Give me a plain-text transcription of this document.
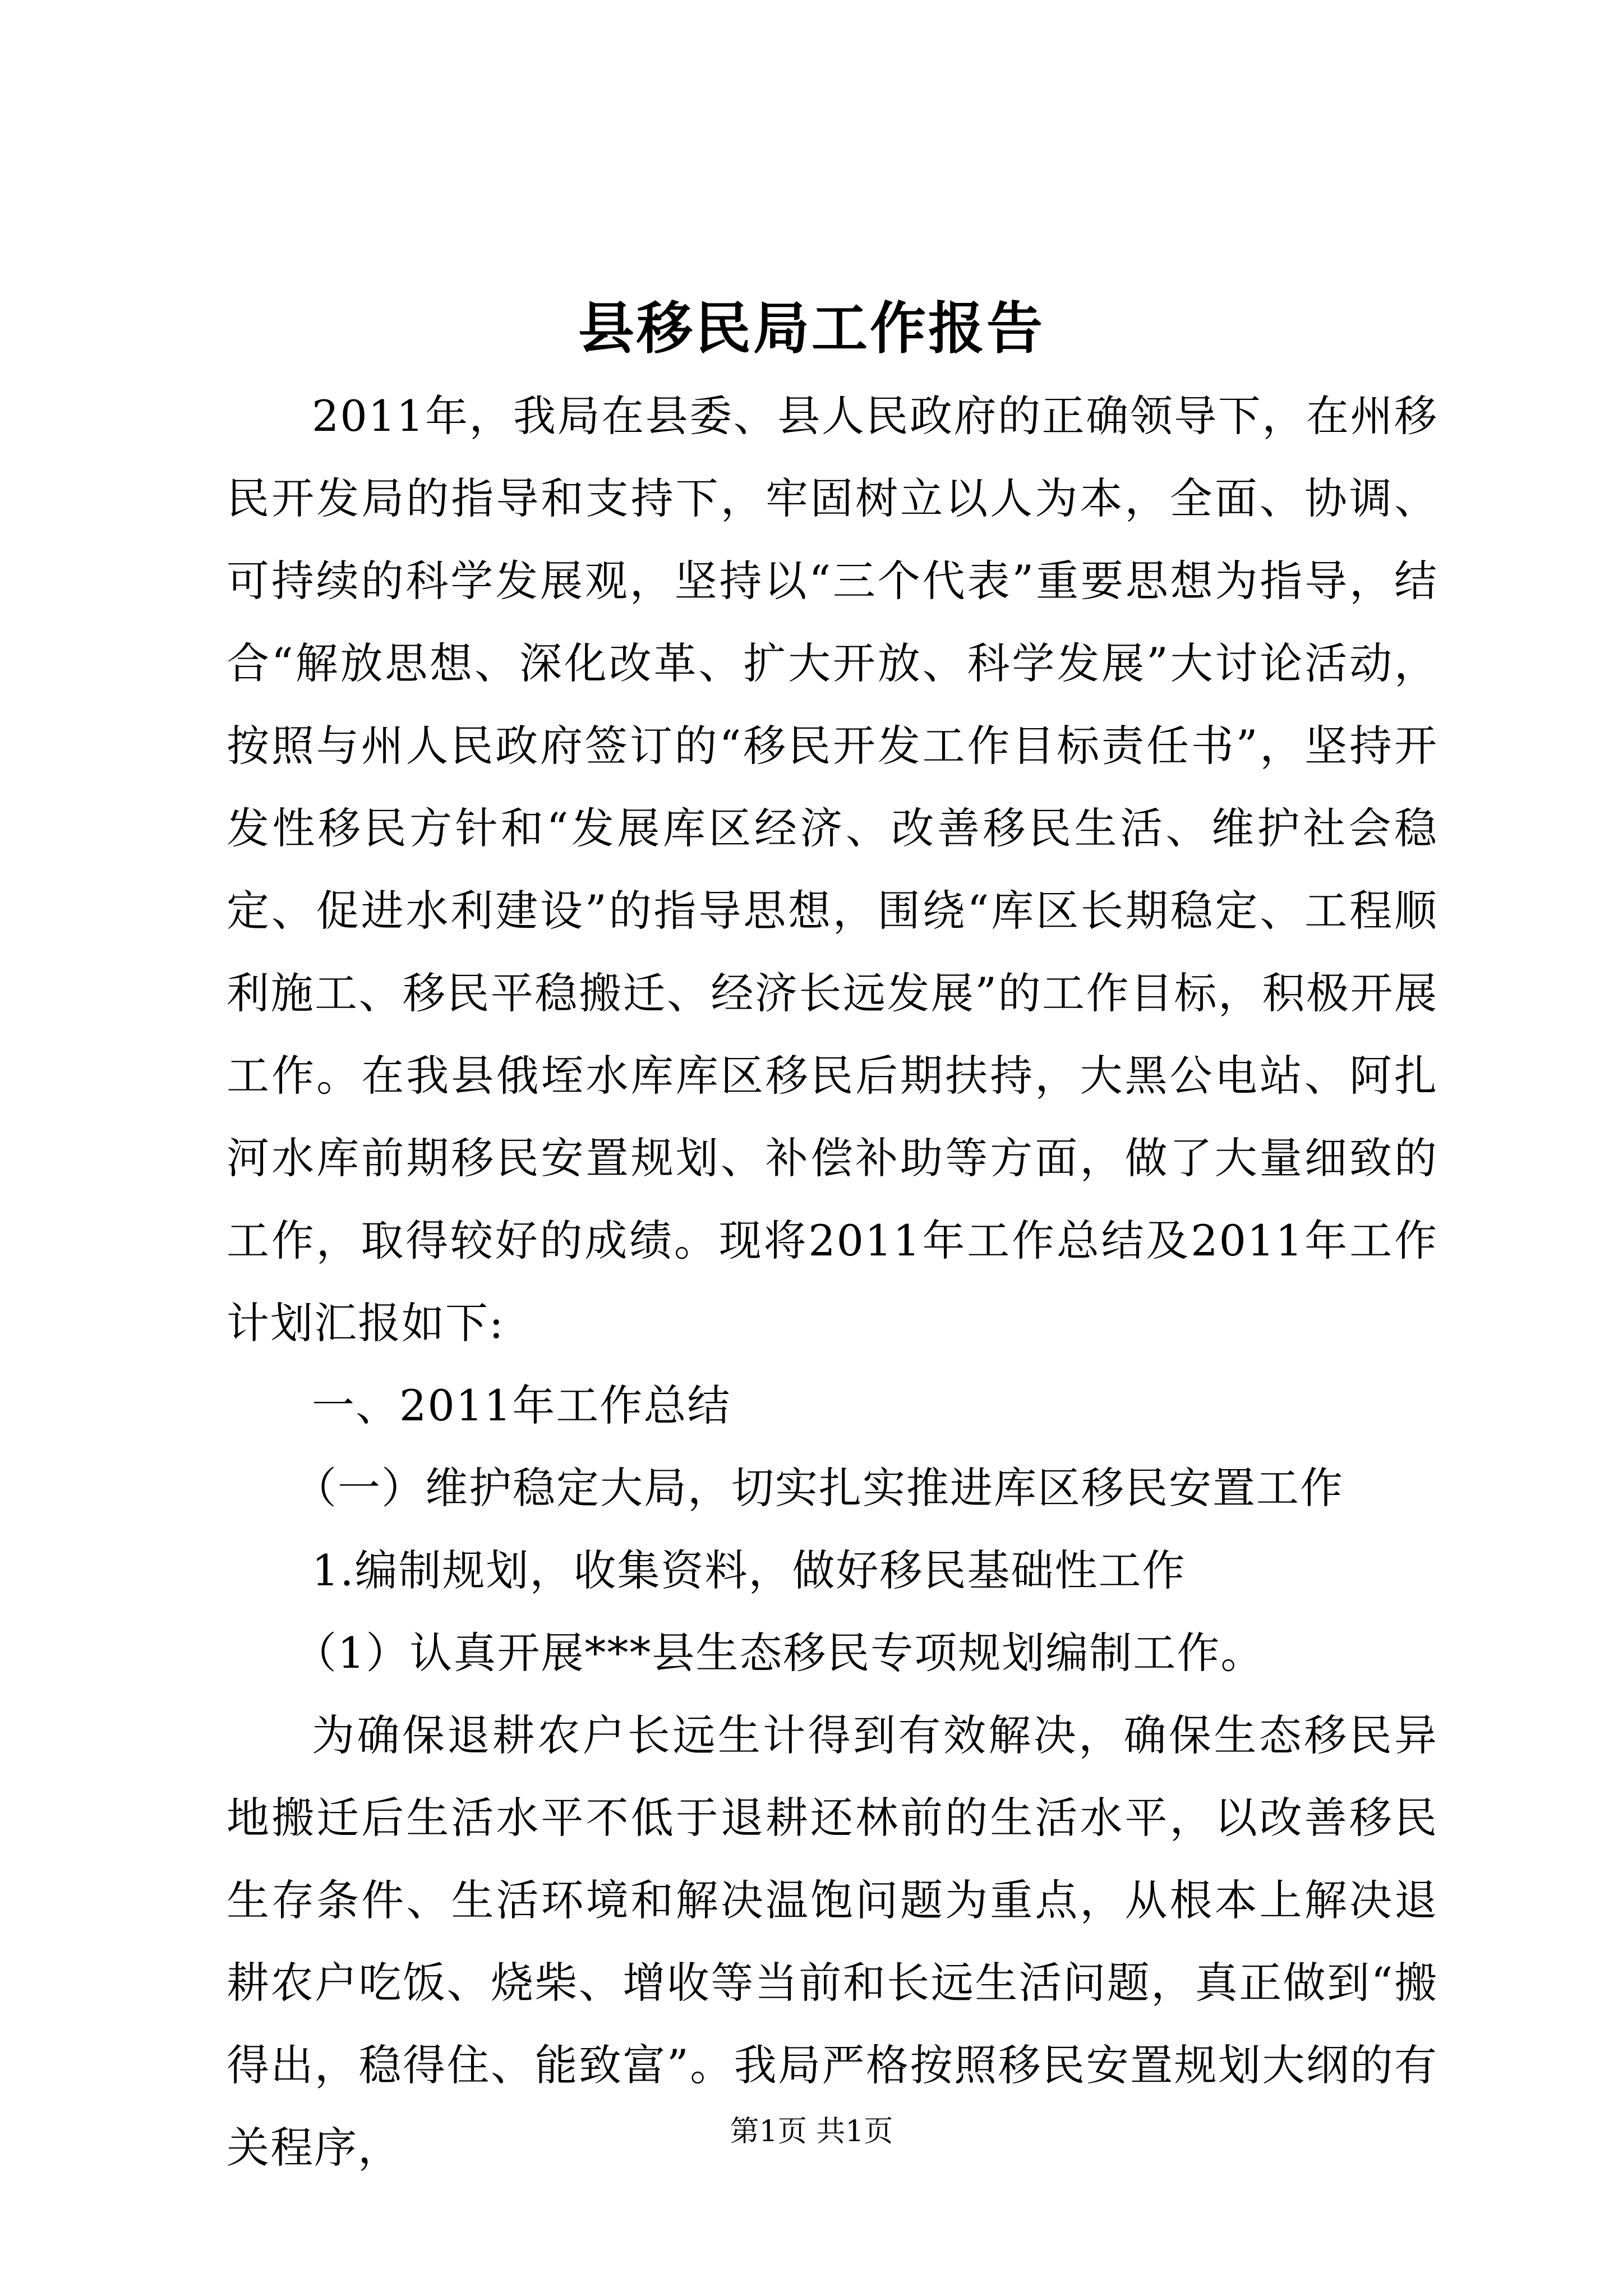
县移民局工作报告

2011年，我局在县委、县人民政府的正确领导下，在州移民开发局的指导和支持下，牢固树立以人为本，全面、协调、可持续的科学发展观，坚持以“三个代表”重要思想为指导，结合“解放思想、深化改革、扩大开放、科学发展”大讨论活动，按照与州人民政府签订的“移民开发工作目标责任书”，坚持开发性移民方针和“发展库区经济、改善移民生活、维护社会稳定、促进水利建设”的指导思想，围绕“库区长期稳定、工程顺利施工、移民平稳搬迁、经济长远发展”的工作目标，积极开展工作。在我县俄垤水库库区移民后期扶持，大黑公电站、阿扎河水库前期移民安置规划、补偿补助等方面，做了大量细致的工作，取得较好的成绩。现将2011年工作总结及2011年工作计划汇报如下:

一、2011年工作总结

（一）维护稳定大局，切实扎实推进库区移民安置工作

1.编制规划，收集资料，做好移民基础性工作

（1）认真开展***县生态移民专项规划编制工作。

为确保退耕农户长远生计得到有效解决，确保生态移民异地搬迁后生活水平不低于退耕还林前的生活水平，以改善移民生存条件、生活环境和解决温饱问题为重点，从根本上解决退耕农户吃饭、烧柴、增收等当前和长远生活问题，真正做到“搬得出，稳得住、能致富”。我局严格按照移民安置规划大纲的有关程序，	第1页 共1页
